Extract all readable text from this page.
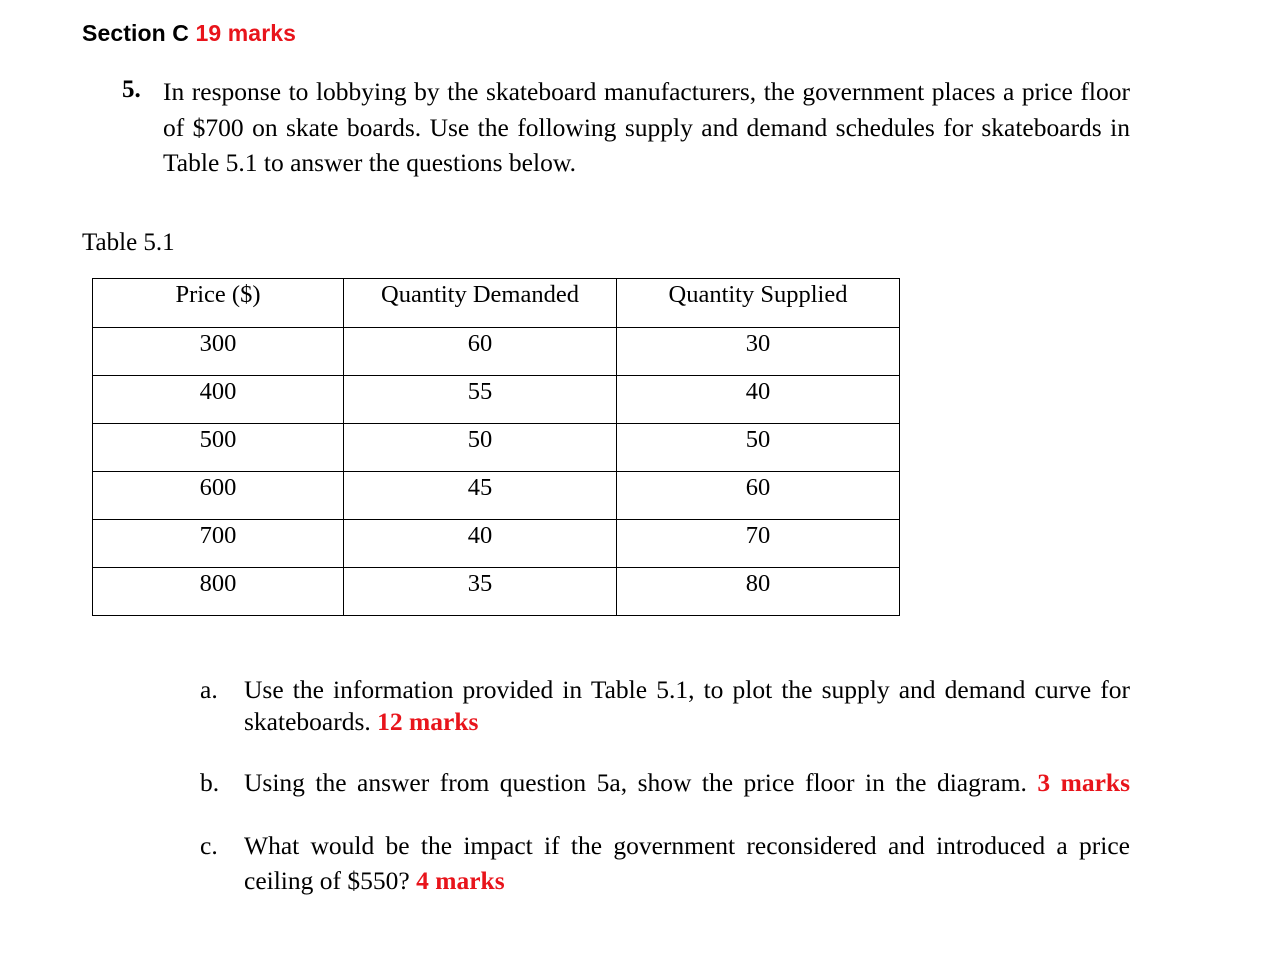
Section C 19 marks
5. In response to lobbying by the skateboard manufacturers, the government places a price floor of $700 on skate boards. Use the following supply and demand schedules for skateboards in Table 5.1 to answer the questions below.
Table 5.1
Price ($)	Quantity Demanded	Quantity Supplied
300	60	30
400	55	40
500	50	50
600	45	60
700	40	70
800	35	80
a. Use the information provided in Table 5.1, to plot the supply and demand curve for skateboards. 12 marks
b. Using the answer from question 5a, show the price floor in the diagram. 3 marks
c. What would be the impact if the government reconsidered and introduced a price ceiling of $550? 4 marks
